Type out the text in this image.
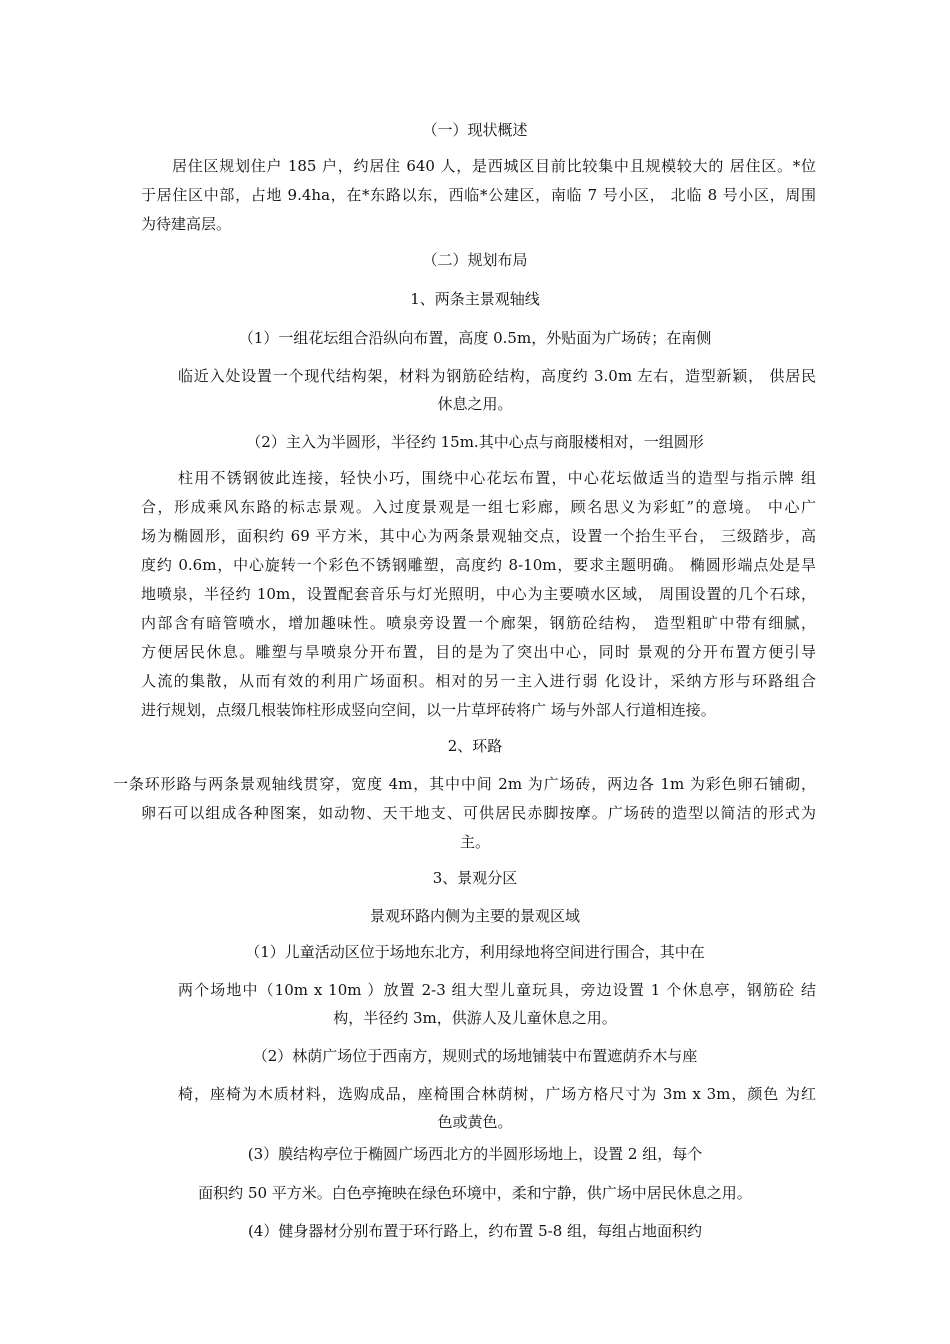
（一）现状概述
居住区规划住户 185 户，约居住 640 人，是西城区目前比较集中且规模较大的 居住区。*位
于居住区中部，占地 9.4ha，在*东路以东，西临*公建区，南临 7 号小区， 北临 8 号小区，周围
为待建高层。
（二）规划布局
1、两条主景观轴线
（1）一组花坛组合沿纵向布置，高度 0.5m，外贴面为广场砖；在南侧
临近入处设置一个现代结构架，材料为钢筋砼结构，高度约 3.0m 左右，造型新颖， 供居民
休息之用。
（2）主入为半圆形，半径约 15m.其中心点与商服楼相对，一组圆形
柱用不锈钢彼此连接，轻快小巧，围绕中心花坛布置，中心花坛做适当的造型与指示牌 组
合，形成乘风东路的标志景观。入过度景观是一组七彩廊，顾名思义为彩虹”的意境。 中心广
场为椭圆形，面积约 69 平方米，其中心为两条景观轴交点，设置一个抬生平台， 三级踏步，高
度约 0.6m，中心旋转一个彩色不锈钢雕塑，高度约 8-10m，要求主题明确。 椭圆形端点处是旱
地喷泉，半径约 10m，设置配套音乐与灯光照明，中心为主要喷水区域， 周围设置的几个石球，
内部含有暗管喷水，增加趣味性。喷泉旁设置一个廊架，钢筋砼结构， 造型粗旷中带有细腻，
方便居民休息。雕塑与旱喷泉分开布置，目的是为了突出中心，同时 景观的分开布置方便引导
人流的集散，从而有效的利用广场面积。相对的另一主入进行弱 化设计，采纳方形与环路组合
进行规划，点缀几根装饰柱形成竖向空间，以一片草坪砖将广 场与外部人行道相连接。
2、环路
一条环形路与两条景观轴线贯穿，宽度 4m，其中中间 2m 为广场砖，两边各 1m 为彩色卵石铺砌，
卵石可以组成各种图案，如动物、天干地支、可供居民赤脚按摩。广场砖的造型以简洁的形式为
主。
3、景观分区
景观环路内侧为主要的景观区域
（1）儿童活动区位于场地东北方，利用绿地将空间进行围合，其中在
两个场地中（10m x 10m ）放置 2-3 组大型儿童玩具，旁边设置 1 个休息亭，钢筋砼 结
构，半径约 3m，供游人及儿童休息之用。
（2）林荫广场位于西南方，规则式的场地铺装中布置遮荫乔木与座
椅，座椅为木质材料，选购成品，座椅围合林荫树，广场方格尺寸为 3m x 3m，颜色 为红
色或黄色。
(3）膜结构亭位于椭圆广场西北方的半圆形场地上，设置 2 组，每个
面积约 50 平方米。白色亭掩映在绿色环境中，柔和宁静，供广场中居民休息之用。
(4）健身器材分别布置于环行路上，约布置 5-8 组，每组占地面积约
